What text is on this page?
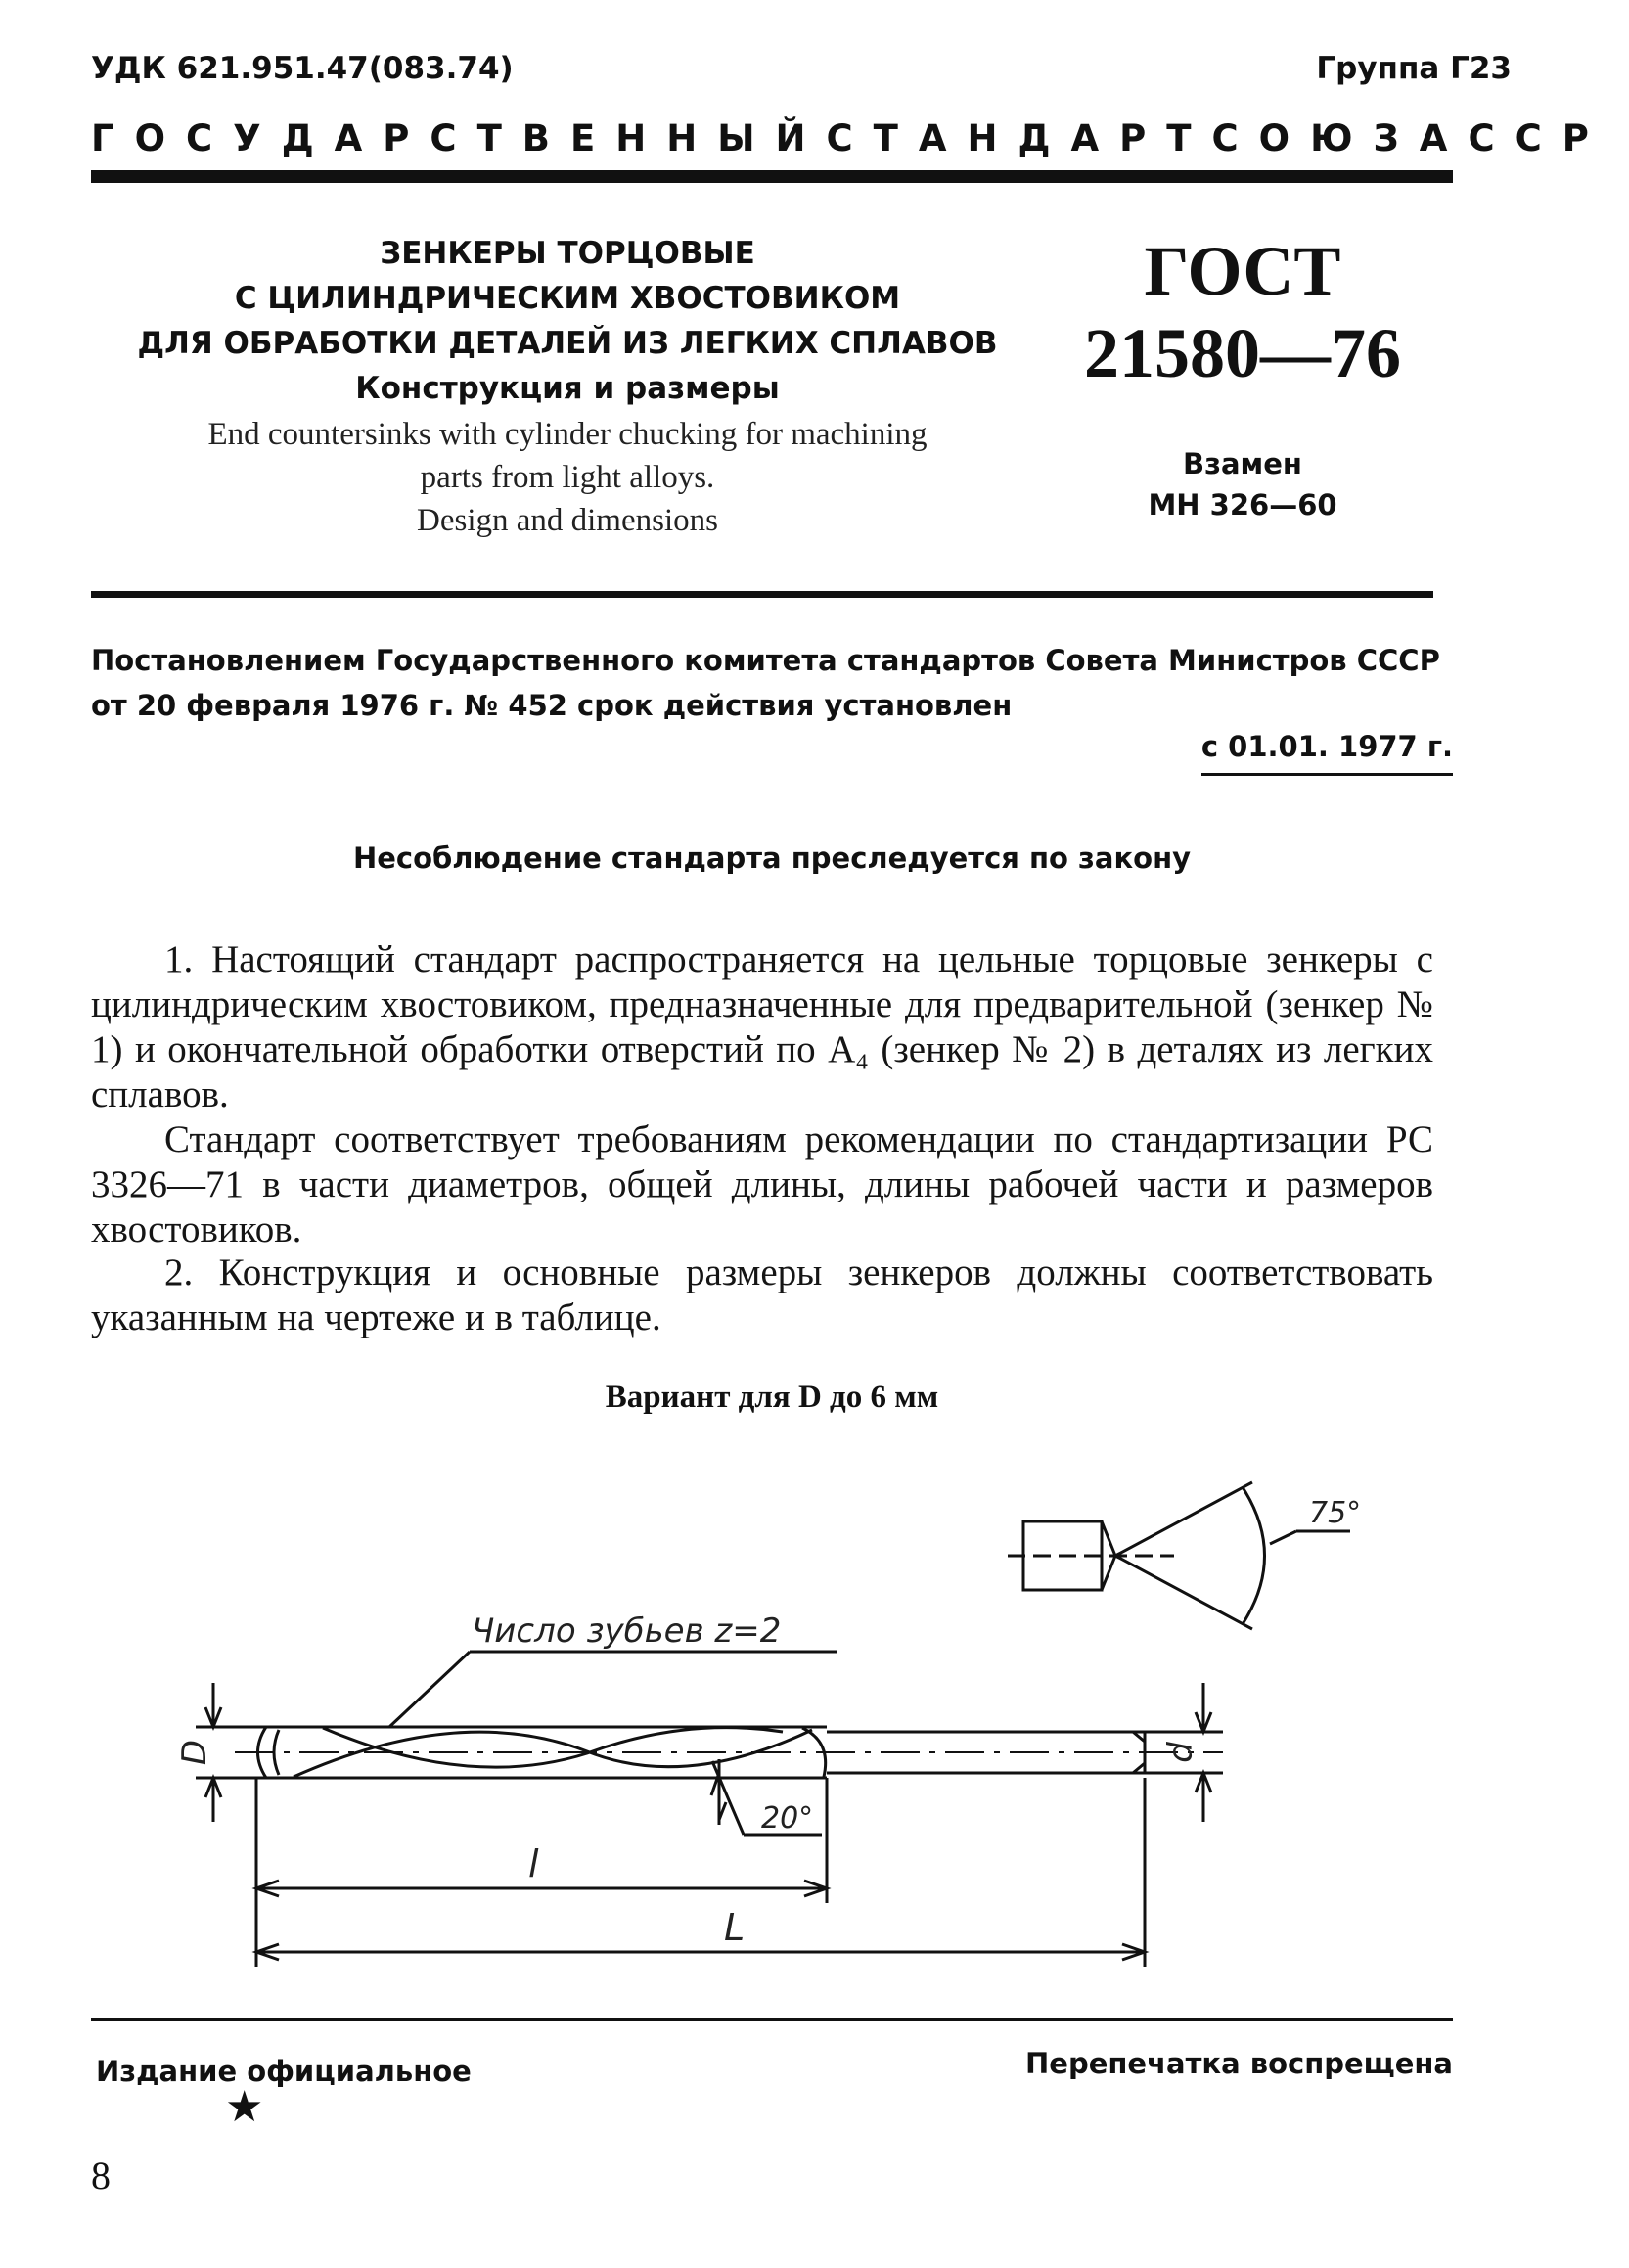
УДК 621.951.47(083.74)	Группа Г23
ГОСУДАРСТВЕННЫЙ СТАНДАРТ СОЮЗА ССР
ЗЕНКЕРЫ ТОРЦОВЫЕ
С ЦИЛИНДРИЧЕСКИМ ХВОСТОВИКОМ
ДЛЯ ОБРАБОТКИ ДЕТАЛЕЙ ИЗ ЛЕГКИХ СПЛАВОВ
Конструкция и размеры
End countersinks with cylinder chucking for machining
parts from light alloys.
Design and dimensions
ГОСТ
21580—76
Взамен
МН 326—60
Постановлением Государственного комитета стандартов Совета Министров СССР от 20 февраля 1976 г. № 452 срок действия установлен
с 01.01. 1977 г.
Несоблюдение стандарта преследуется по закону
1. Настоящий стандарт распространяется на цельные торцовые зенкеры с цилиндрическим хвостовиком, предназначенные для предварительной (зенкер № 1) и окончательной обработки отверстий по A₄ (зенкер № 2) в деталях из легких сплавов.
Стандарт соответствует требованиям рекомендации по стандартизации РС 3326—71 в части диаметров, общей длины, длины рабочей части и размеров хвостовиков.
2. Конструкция и основные размеры зенкеров должны соответствовать указанным на чертеже и в таблице.
Вариант для D до 6 мм
75°
Число зубьев z=2
20°
D	d
l
L
Издание официальное	Перепечатка воспрещена
★
8
